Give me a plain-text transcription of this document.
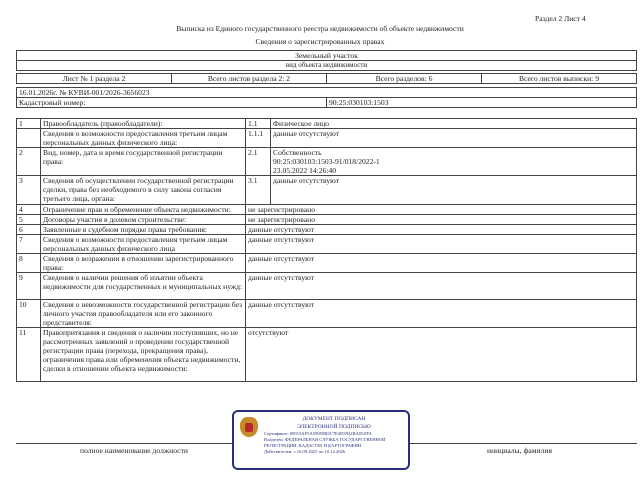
Раздел 2 Лист 4
Выписка из Единого государственного реестра недвижимости об объекте недвижимости
Сведения о зарегистрированных правах
Земельный участок
вид объекта недвижимости
Лист № 1 раздела 2	Всего листов раздела 2: 2	Всего разделов: 6	Всего листов выписки: 9
16.01.2026г. № КУВИ-001/2026-3656023
Кадастровый номер:	90:25:030103:1503
1	Правообладатель (правообладатели):	1.1	Физическое лицо
	Сведения о возможности предоставления третьим лицам персональных данных физического лица:	1.1.1	данные отсутствуют
2	Вид, номер, дата и время государственной регистрации права:	2.1	Собственность
90:25:030103:1503-91/018/2022-1
23.05.2022 14:26:40

3	Сведения об осуществлении государственной регистрации сделки, права без необходимого в силу закона согласия третьего лица, органа:	3.1	данные отсутствуют
4	Ограничение прав и обременение объекта недвижимости:	не зарегистрировано	
5	Договоры участия в долевом строительстве:	не зарегистрировано	
6	Заявленные в судебном порядке права требования:	данные отсутствуют	
7	Сведения о возможности предоставления третьим лицам персональных данных физического лица	данные отсутствуют	
8	Сведения о возражении в отношении зарегистрированного права:	данные отсутствуют	
9	Сведения о наличии решения об изъятии объекта недвижимости для государственных и муниципальных нужд:	данные отсутствуют	
10	Сведения о невозможности государственной регистрации без личного участия правообладателя или его законного представителя:	данные отсутствуют	
11	Правопритязания и сведения о наличии поступивших, но не рассмотренных заявлений о проведении государственной регистрации права (перехода, прекращения права), ограничения права или обременения объекта недвижимости, сделки в отношении объекта недвижимости:	отсутствуют	
полное наименование должности	инициалы, фамилия
ДОКУМЕНТ ПОДПИСАН
ЭЛЕКТРОННОЙ ПОДПИСЬЮ
Сертификат: 00913AF5A59950B5C7E4D3922BA05ZFA
Владелец: ФЕДЕРАЛЬНАЯ СЛУЖБА ГОСУДАРСТВЕННОЙ
РЕГИСТРАЦИИ, КАДАСТРА И КАРТОГРАФИИ
Действителен: с 16.09.2025 по 10.12.2026
